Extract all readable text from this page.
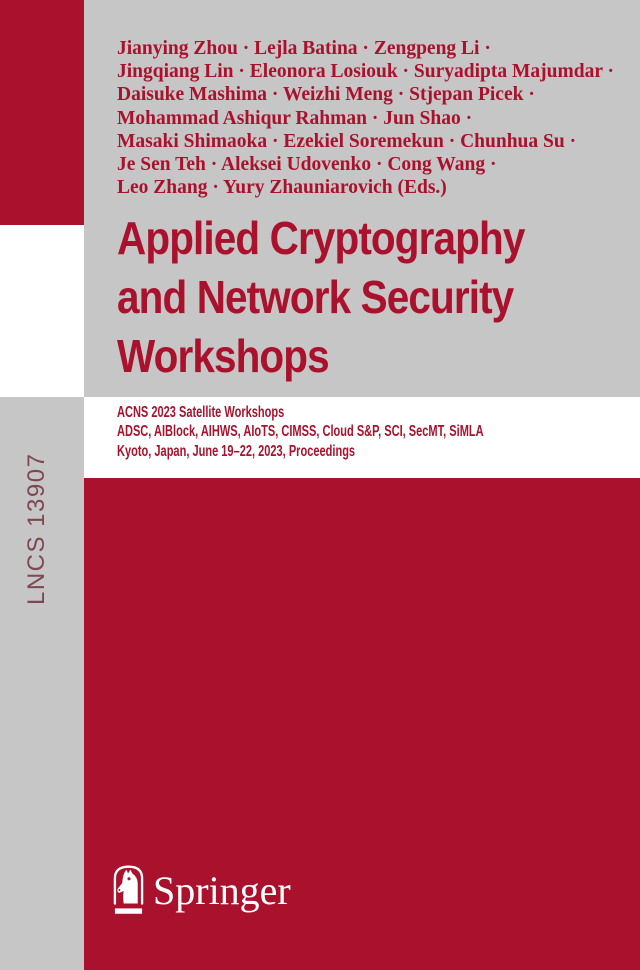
LNCS 13907
Jianying Zhou · Lejla Batina · Zengpeng Li ·
Jingqiang Lin · Eleonora Losiouk · Suryadipta Majumdar ·
Daisuke Mashima · Weizhi Meng · Stjepan Picek ·
Mohammad Ashiqur Rahman · Jun Shao ·
Masaki Shimaoka · Ezekiel Soremekun · Chunhua Su ·
Je Sen Teh · Aleksei Udovenko · Cong Wang ·
Leo Zhang · Yury Zhauniarovich (Eds.)
Applied Cryptography
and Network Security
Workshops
ACNS 2023 Satellite Workshops
ADSC, AIBlock, AIHWS, AIoTS, CIMSS, Cloud S&P, SCI, SecMT, SiMLA
Kyoto, Japan, June 19–22, 2023, Proceedings
Springer
